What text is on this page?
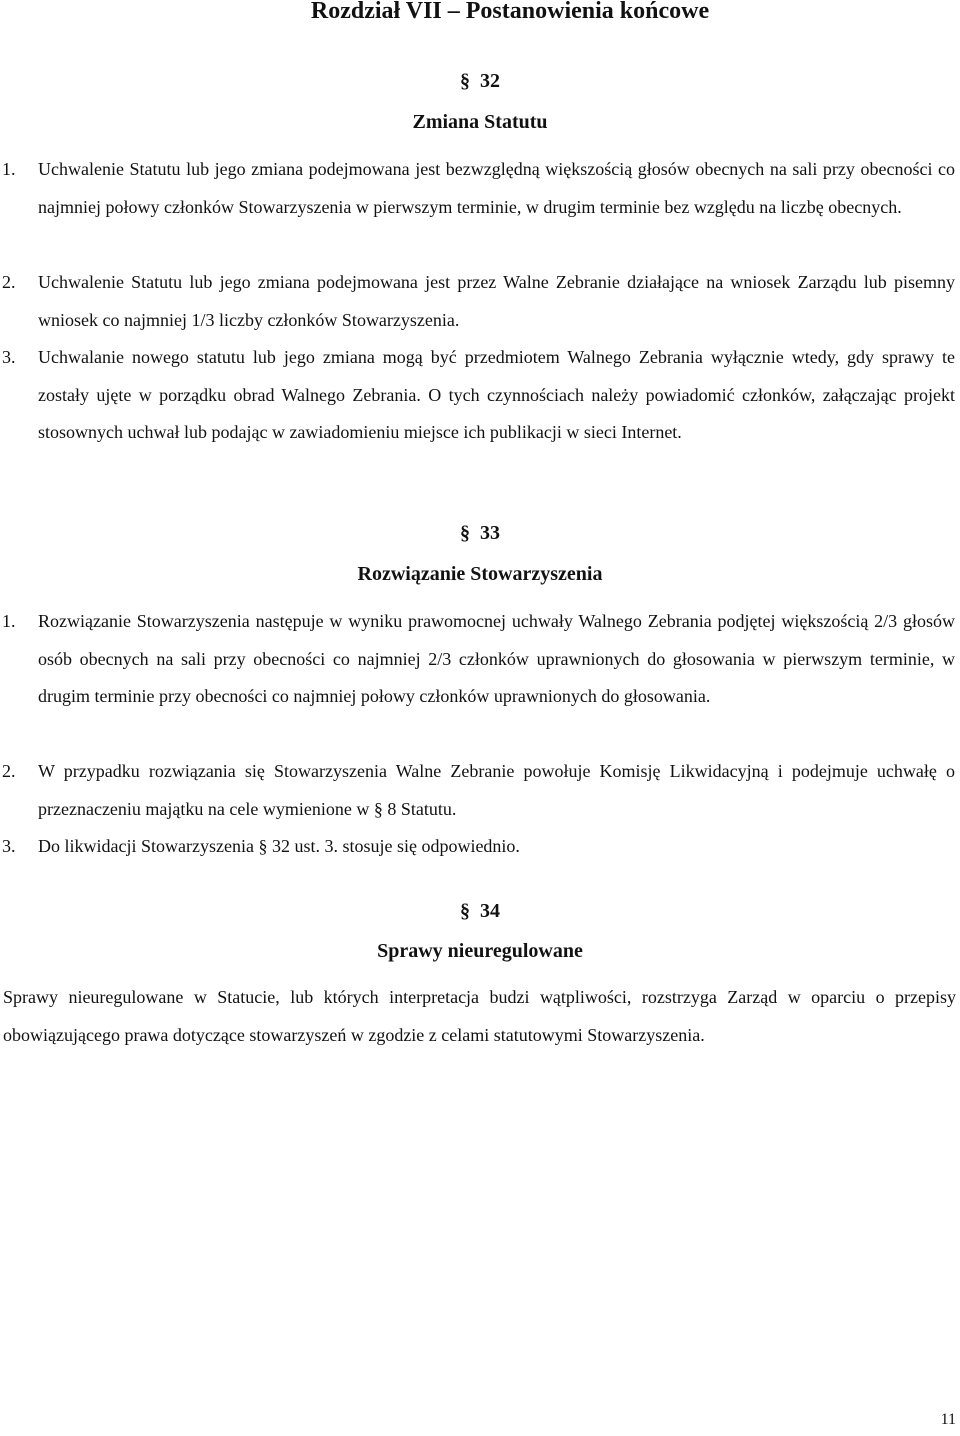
Rozdział VII – Postanowienia końcowe
§ 32
Zmiana Statutu
1. Uchwalenie Statutu lub jego zmiana podejmowana jest bezwzględną większością głosów obecnych na sali przy obecności co najmniej połowy członków Stowarzyszenia w pierwszym terminie, w drugim terminie bez względu na liczbę obecnych.
2. Uchwalenie Statutu lub jego zmiana podejmowana jest przez Walne Zebranie działające na wniosek Zarządu lub pisemny wniosek co najmniej 1/3 liczby członków Stowarzyszenia.
3. Uchwalanie nowego statutu lub jego zmiana mogą być przedmiotem Walnego Zebrania wyłącznie wtedy, gdy sprawy te zostały ujęte w porządku obrad Walnego Zebrania. O tych czynnościach należy powiadomić członków, załączając projekt stosownych uchwał lub podając w zawiadomieniu miejsce ich publikacji w sieci Internet.
§ 33
Rozwiązanie Stowarzyszenia
1. Rozwiązanie Stowarzyszenia następuje w wyniku prawomocnej uchwały Walnego Zebrania podjętej większością 2/3 głosów osób obecnych na sali przy obecności co najmniej 2/3 członków uprawnionych do głosowania w pierwszym terminie, w drugim terminie przy obecności co najmniej połowy członków uprawnionych do głosowania.
2. W przypadku rozwiązania się Stowarzyszenia Walne Zebranie powołuje Komisję Likwidacyjną i podejmuje uchwałę o przeznaczeniu majątku na cele wymienione w § 8 Statutu.
3. Do likwidacji Stowarzyszenia § 32 ust. 3. stosuje się odpowiednio.
§ 34
Sprawy nieuregulowane
Sprawy nieuregulowane w Statucie, lub których interpretacja budzi wątpliwości, rozstrzyga Zarząd w oparciu o przepisy obowiązującego prawa dotyczące stowarzyszeń w zgodzie z celami statutowymi Stowarzyszenia.
11
